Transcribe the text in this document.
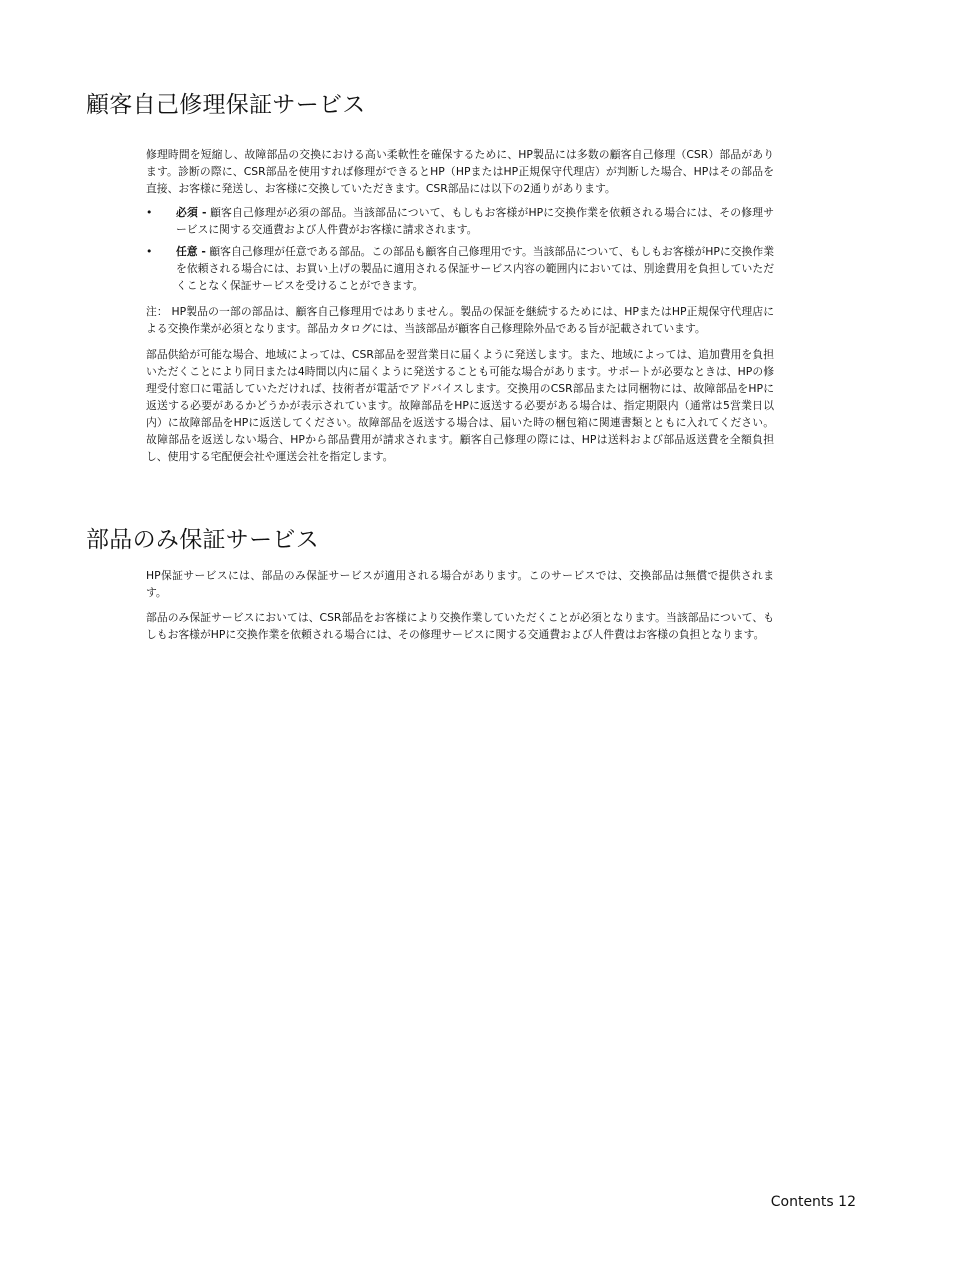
顧客自己修理保証サービス

修理時間を短縮し、故障部品の交換における高い柔軟性を確保するために、HP製品には多数の顧客自己修理（CSR）部品があります。診断の際に、CSR部品を使用すれば修理ができるとHP（HPまたはHP正規保守代理店）が判断した場合、HPはその部品を直接、お客様に発送し、お客様に交換していただきます。CSR部品には以下の2通りがあります。

• 必須 - 顧客自己修理が必須の部品。当該部品について、もしもお客様がHPに交換作業を依頼される場合には、その修理サービスに関する交通費および人件費がお客様に請求されます。
• 任意 - 顧客自己修理が任意である部品。この部品も顧客自己修理用です。当該部品について、もしもお客様がHPに交換作業を依頼される場合には、お買い上げの製品に適用される保証サービス内容の範囲内においては、別途費用を負担していただくことなく保証サービスを受けることができます。

注： HP製品の一部の部品は、顧客自己修理用ではありません。製品の保証を継続するためには、HPまたはHP正規保守代理店による交換作業が必須となります。部品カタログには、当該部品が顧客自己修理除外品である旨が記載されています。

部品供給が可能な場合、地域によっては、CSR部品を翌営業日に届くように発送します。また、地域によっては、追加費用を負担いただくことにより同日または4時間以内に届くように発送することも可能な場合があります。サポートが必要なときは、HPの修理受付窓口に電話していただければ、技術者が電話でアドバイスします。交換用のCSR部品または同梱物には、故障部品をHPに返送する必要があるかどうかが表示されています。故障部品をHPに返送する必要がある場合は、指定期限内（通常は5営業日以内）に故障部品をHPに返送してください。故障部品を返送する場合は、届いた時の梱包箱に関連書類とともに入れてください。故障部品を返送しない場合、HPから部品費用が請求されます。顧客自己修理の際には、HPは送料および部品返送費を全額負担し、使用する宅配便会社や運送会社を指定します。

部品のみ保証サービス

HP保証サービスには、部品のみ保証サービスが適用される場合があります。このサービスでは、交換部品は無償で提供されます。

部品のみ保証サービスにおいては、CSR部品をお客様により交換作業していただくことが必須となります。当該部品について、もしもお客様がHPに交換作業を依頼される場合には、その修理サービスに関する交通費および人件費はお客様の負担となります。

Contents 12
